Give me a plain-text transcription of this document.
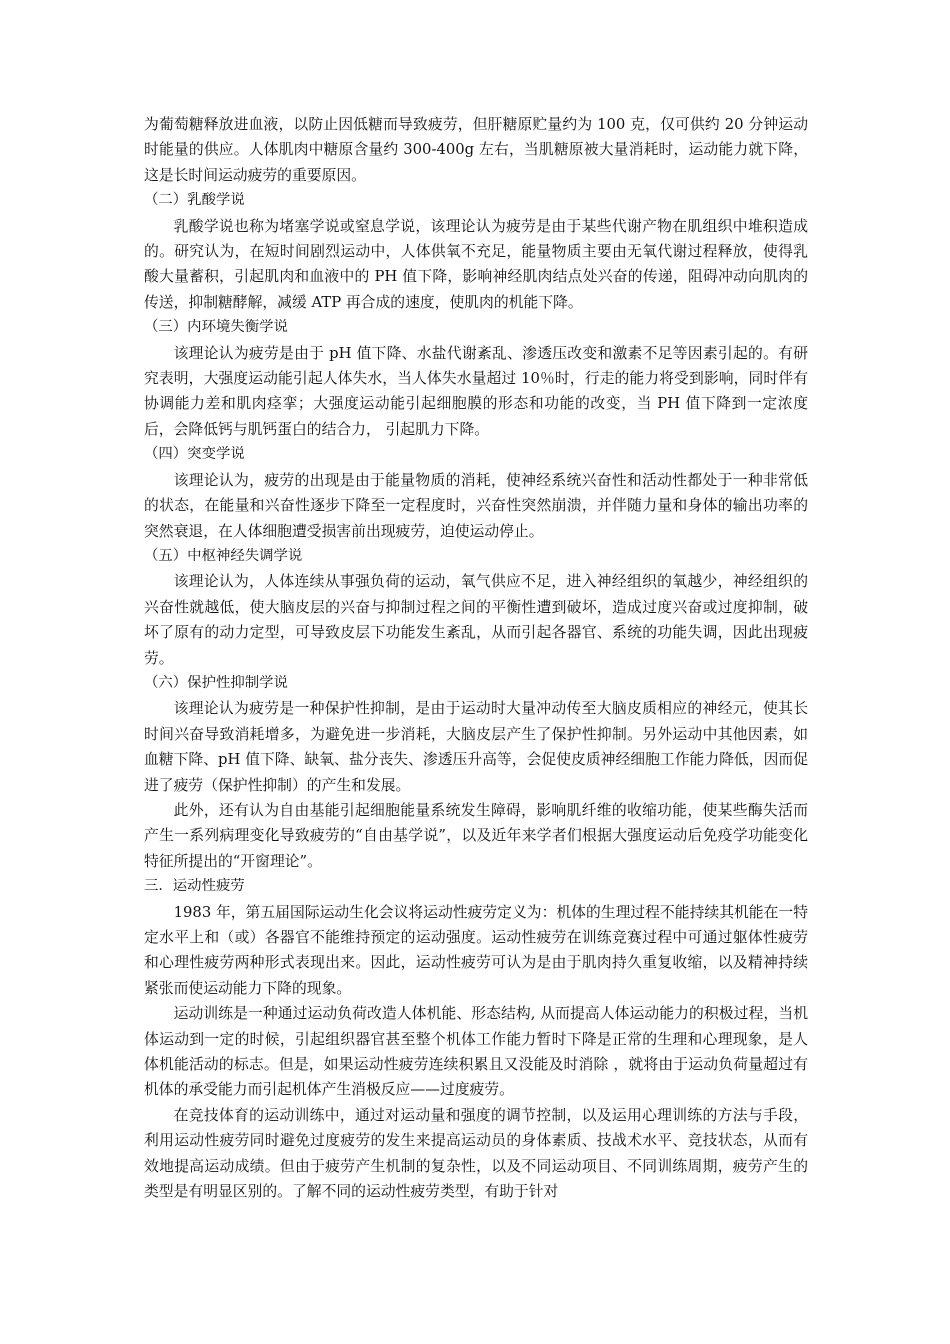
为葡萄糖释放进血液，以防止因低糖而导致疲劳，但肝糖原贮量约为 100 克，仅可供约 20 分钟运动时能量的供应。人体肌肉中糖原含量约 300-400g 左右，当肌糖原被大量消耗时，运动能力就下降，这是长时间运动疲劳的重要原因。

（二）乳酸学说

乳酸学说也称为堵塞学说或窒息学说，该理论认为疲劳是由于某些代谢产物在肌组织中堆积造成的。研究认为，在短时间剧烈运动中，人体供氧不充足，能量物质主要由无氧代谢过程释放，使得乳酸大量蓄积，引起肌肉和血液中的 PH 值下降，影响神经肌肉结点处兴奋的传递，阻碍冲动向肌肉的传送，抑制糖酵解，减缓 ATP 再合成的速度，使肌肉的机能下降。

（三）内环境失衡学说

该理论认为疲劳是由于 pH 值下降、水盐代谢紊乱、渗透压改变和激素不足等因素引起的。有研究表明，大强度运动能引起人体失水，当人体失水量超过 10％时，行走的能力将受到影响，同时伴有协调能力差和肌肉痉挛；大强度运动能引起细胞膜的形态和功能的改变，当 PH 值下降到一定浓度后，会降低钙与肌钙蛋白的结合力， 引起肌力下降。

（四）突变学说

该理论认为，疲劳的出现是由于能量物质的消耗，使神经系统兴奋性和活动性都处于一种非常低的状态，在能量和兴奋性逐步下降至一定程度时，兴奋性突然崩溃，并伴随力量和身体的输出功率的突然衰退，在人体细胞遭受损害前出现疲劳，迫使运动停止。

（五）中枢神经失调学说

该理论认为，人体连续从事强负荷的运动，氧气供应不足，进入神经组织的氧越少，神经组织的兴奋性就越低，使大脑皮层的兴奋与抑制过程之间的平衡性遭到破坏，造成过度兴奋或过度抑制，破坏了原有的动力定型，可导致皮层下功能发生紊乱，从而引起各器官、系统的功能失调，因此出现疲劳。

（六）保护性抑制学说

该理论认为疲劳是一种保护性抑制，是由于运动时大量冲动传至大脑皮质相应的神经元，使其长时间兴奋导致消耗增多，为避免进一步消耗，大脑皮层产生了保护性抑制。另外运动中其他因素，如血糖下降、pH 值下降、缺氧、盐分丧失、渗透压升高等，会促使皮质神经细胞工作能力降低，因而促进了疲劳（保护性抑制）的产生和发展。

此外，还有认为自由基能引起细胞能量系统发生障碍，影响肌纤维的收缩功能，使某些酶失活而产生一系列病理变化导致疲劳的“自由基学说”，以及近年来学者们根据大强度运动后免疫学功能变化特征所提出的“开窗理论”。

三．运动性疲劳

1983 年，第五届国际运动生化会议将运动性疲劳定义为：机体的生理过程不能持续其机能在一特定水平上和（或）各器官不能维持预定的运动强度。运动性疲劳在训练竞赛过程中可通过躯体性疲劳和心理性疲劳两种形式表现出来。因此，运动性疲劳可认为是由于肌肉持久重复收缩，以及精神持续紧张而使运动能力下降的现象。

运动训练是一种通过运动负荷改造人体机能、形态结构, 从而提高人体运动能力的积极过程，当机体运动到一定的时候，引起组织器官甚至整个机体工作能力暂时下降是正常的生理和心理现象，是人体机能活动的标志。但是，如果运动性疲劳连续积累且又没能及时消除 ，就将由于运动负荷量超过有机体的承受能力而引起机体产生消极反应——过度疲劳。

在竞技体育的运动训练中，通过对运动量和强度的调节控制，以及运用心理训练的方法与手段，利用运动性疲劳同时避免过度疲劳的发生来提高运动员的身体素质、技战术水平、竞技状态，从而有效地提高运动成绩。但由于疲劳产生机制的复杂性，以及不同运动项目、不同训练周期，疲劳产生的类型是有明显区别的。了解不同的运动性疲劳类型，有助于针对
